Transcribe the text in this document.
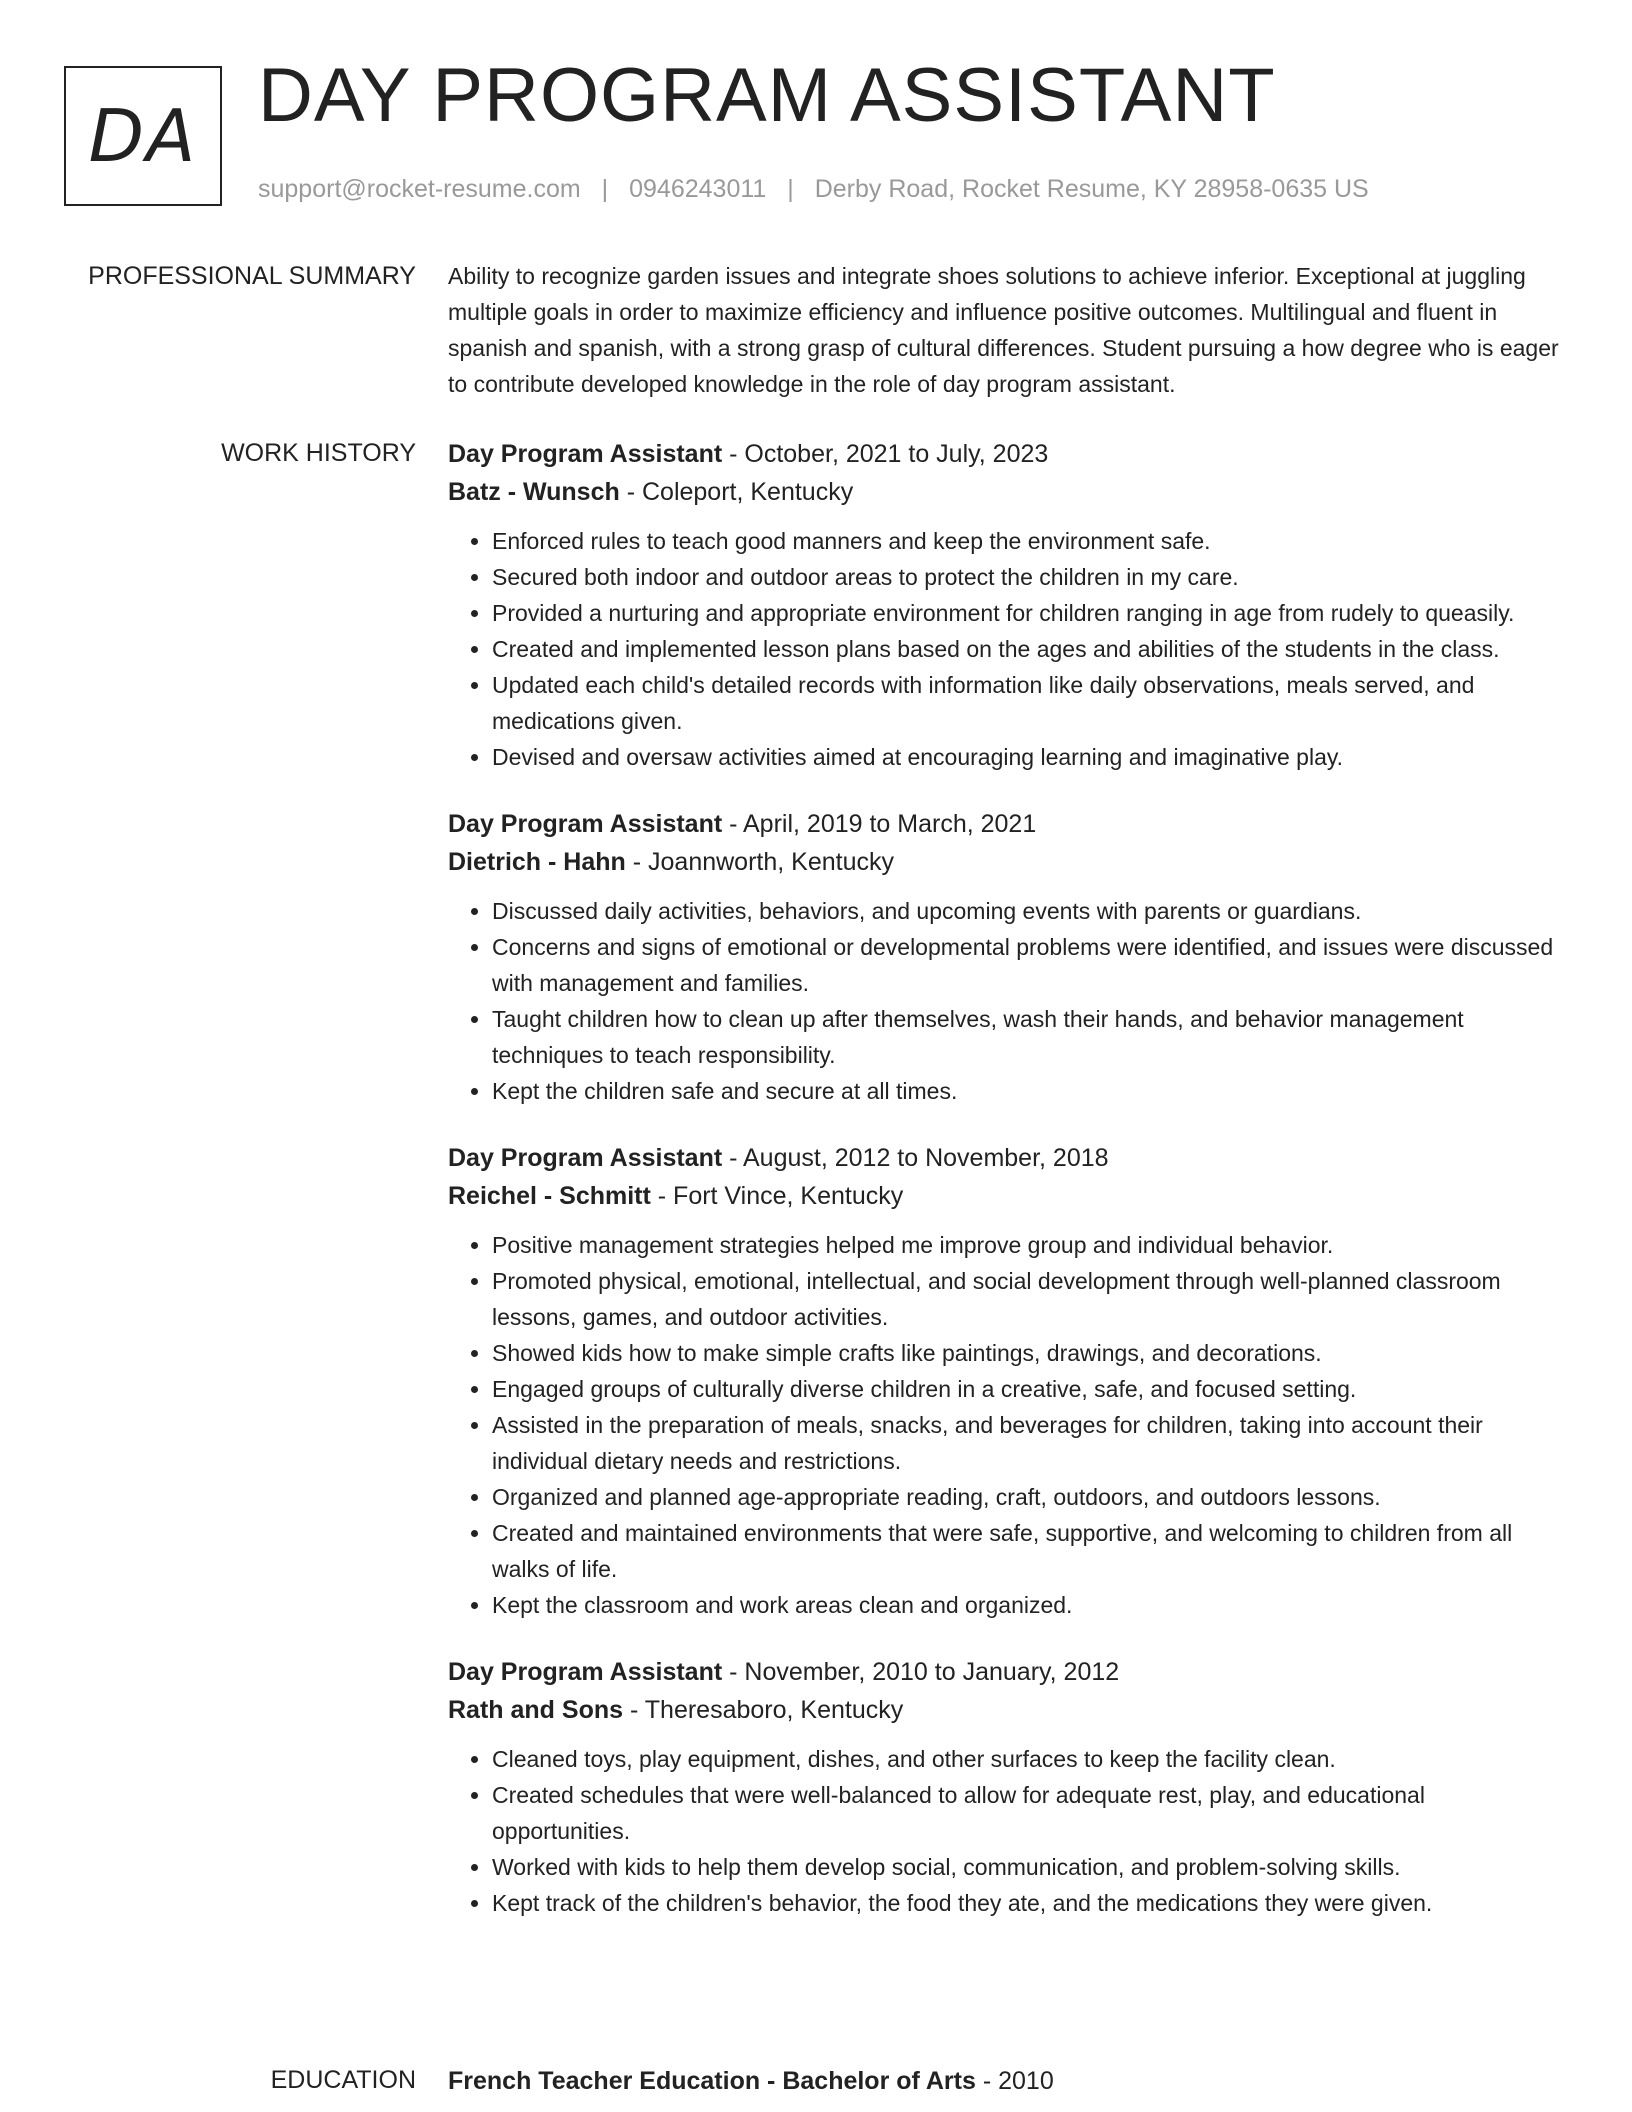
DA DAY PROGRAM ASSISTANT
support@rocket-resume.com | 0946243011 | Derby Road, Rocket Resume, KY 28958-0635 US
PROFESSIONAL SUMMARY Ability to recognize garden issues and integrate shoes solutions to achieve inferior. Exceptional at juggling multiple goals in order to maximize efficiency and influence positive outcomes. Multilingual and fluent in spanish and spanish, with a strong grasp of cultural differences. Student pursuing a how degree who is eager to contribute developed knowledge in the role of day program assistant.

WORK HISTORY Day Program Assistant - October, 2021 to July, 2023
Batz - Wunsch - Coleport, Kentucky
• Enforced rules to teach good manners and keep the environment safe.
• Secured both indoor and outdoor areas to protect the children in my care.
• Provided a nurturing and appropriate environment for children ranging in age from rudely to queasily.
• Created and implemented lesson plans based on the ages and abilities of the students in the class.
• Updated each child's detailed records with information like daily observations, meals served, and medications given.
• Devised and oversaw activities aimed at encouraging learning and imaginative play.
Day Program Assistant - April, 2019 to March, 2021
Dietrich - Hahn - Joannworth, Kentucky
• Discussed daily activities, behaviors, and upcoming events with parents or guardians.
• Concerns and signs of emotional or developmental problems were identified, and issues were discussed with management and families.
• Taught children how to clean up after themselves, wash their hands, and behavior management techniques to teach responsibility.
• Kept the children safe and secure at all times.
Day Program Assistant - August, 2012 to November, 2018
Reichel - Schmitt - Fort Vince, Kentucky
• Positive management strategies helped me improve group and individual behavior.
• Promoted physical, emotional, intellectual, and social development through well-planned classroom lessons, games, and outdoor activities.
• Showed kids how to make simple crafts like paintings, drawings, and decorations.
• Engaged groups of culturally diverse children in a creative, safe, and focused setting.
• Assisted in the preparation of meals, snacks, and beverages for children, taking into account their individual dietary needs and restrictions.
• Organized and planned age-appropriate reading, craft, outdoors, and outdoors lessons.
• Created and maintained environments that were safe, supportive, and welcoming to children from all walks of life.
• Kept the classroom and work areas clean and organized.
Day Program Assistant - November, 2010 to January, 2012
Rath and Sons - Theresaboro, Kentucky
• Cleaned toys, play equipment, dishes, and other surfaces to keep the facility clean.
• Created schedules that were well-balanced to allow for adequate rest, play, and educational opportunities.
• Worked with kids to help them develop social, communication, and problem-solving skills.
• Kept track of the children's behavior, the food they ate, and the medications they were given.
EDUCATION French Teacher Education - Bachelor of Arts - 2010
